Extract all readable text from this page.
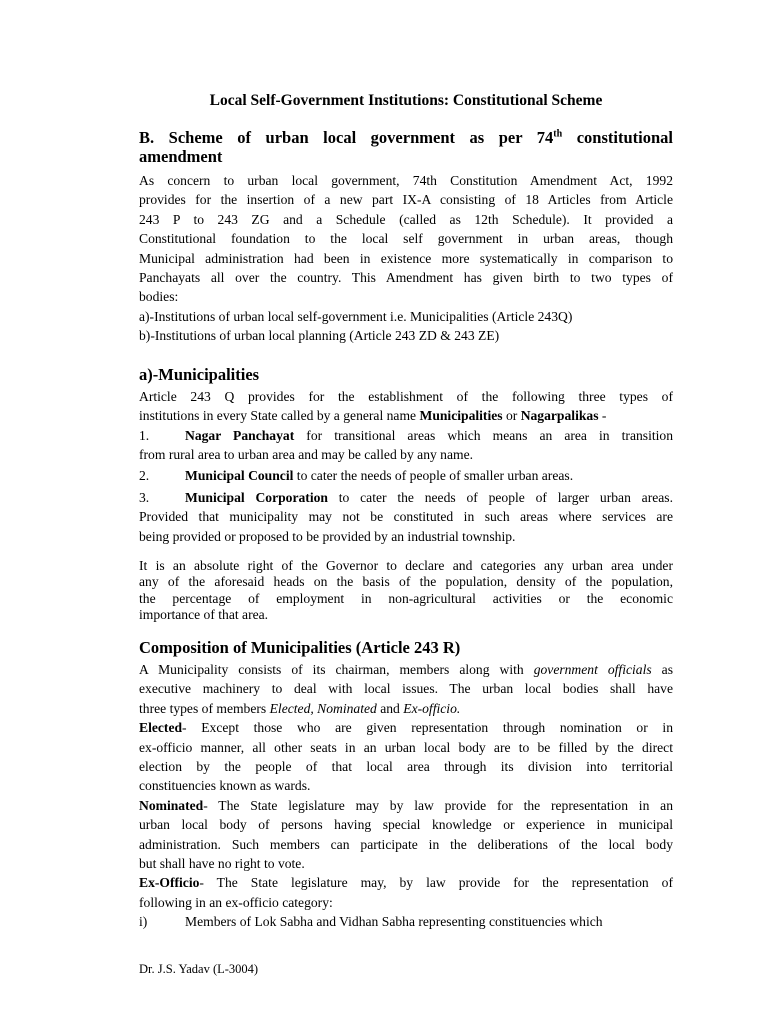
Local Self-Government Institutions: Constitutional Scheme

B. Scheme of urban local government as per 74th constitutional
amendment

As concern to urban local government, 74th Constitution Amendment Act, 1992
provides for the insertion of a new part IX-A consisting of 18 Articles from Article
243 P to 243 ZG and a Schedule (called as 12th Schedule). It provided a
Constitutional foundation to the local self government in urban areas, though
Municipal administration had been in existence more systematically in comparison to
Panchayats all over the country. This Amendment has given birth to two types of
bodies:
a)-Institutions of urban local self-government i.e. Municipalities (Article 243Q)
b)-Institutions of urban local planning (Article 243 ZD & 243 ZE)

a)-Municipalities

Article 243 Q provides for the establishment of the following three types of
institutions in every State called by a general name Municipalities or Nagarpalikas -

1.	Nagar Panchayat for transitional areas which means an area in transition
from rural area to urban area and may be called by any name.

2.	Municipal Council to cater the needs of people of smaller urban areas.

3.	Municipal Corporation to cater the needs of people of larger urban areas.
Provided that municipality may not be constituted in such areas where services are
being provided or proposed to be provided by an industrial township.

It is an absolute right of the Governor to declare and categories any urban area under
any of the aforesaid heads on the basis of the population, density of the population,
the percentage of employment in non-agricultural activities or the economic
importance of that area.

Composition of Municipalities (Article 243 R)

A Municipality consists of its chairman, members along with government officials as
executive machinery to deal with local issues. The urban local bodies shall have
three types of members Elected, Nominated and Ex-officio.
Elected- Except those who are given representation through nomination or in
ex-officio manner, all other seats in an urban local body are to be filled by the direct
election by the people of that local area through its division into territorial
constituencies known as wards.
Nominated- The State legislature may by law provide for the representation in an
urban local body of persons having special knowledge or experience in municipal
administration. Such members can participate in the deliberations of the local body
but shall have no right to vote.
Ex-Officio- The State legislature may, by law provide for the representation of
following in an ex-officio category:
i)	Members of Lok Sabha and Vidhan Sabha representing constituencies which

Dr. J.S. Yadav (L-3004)
